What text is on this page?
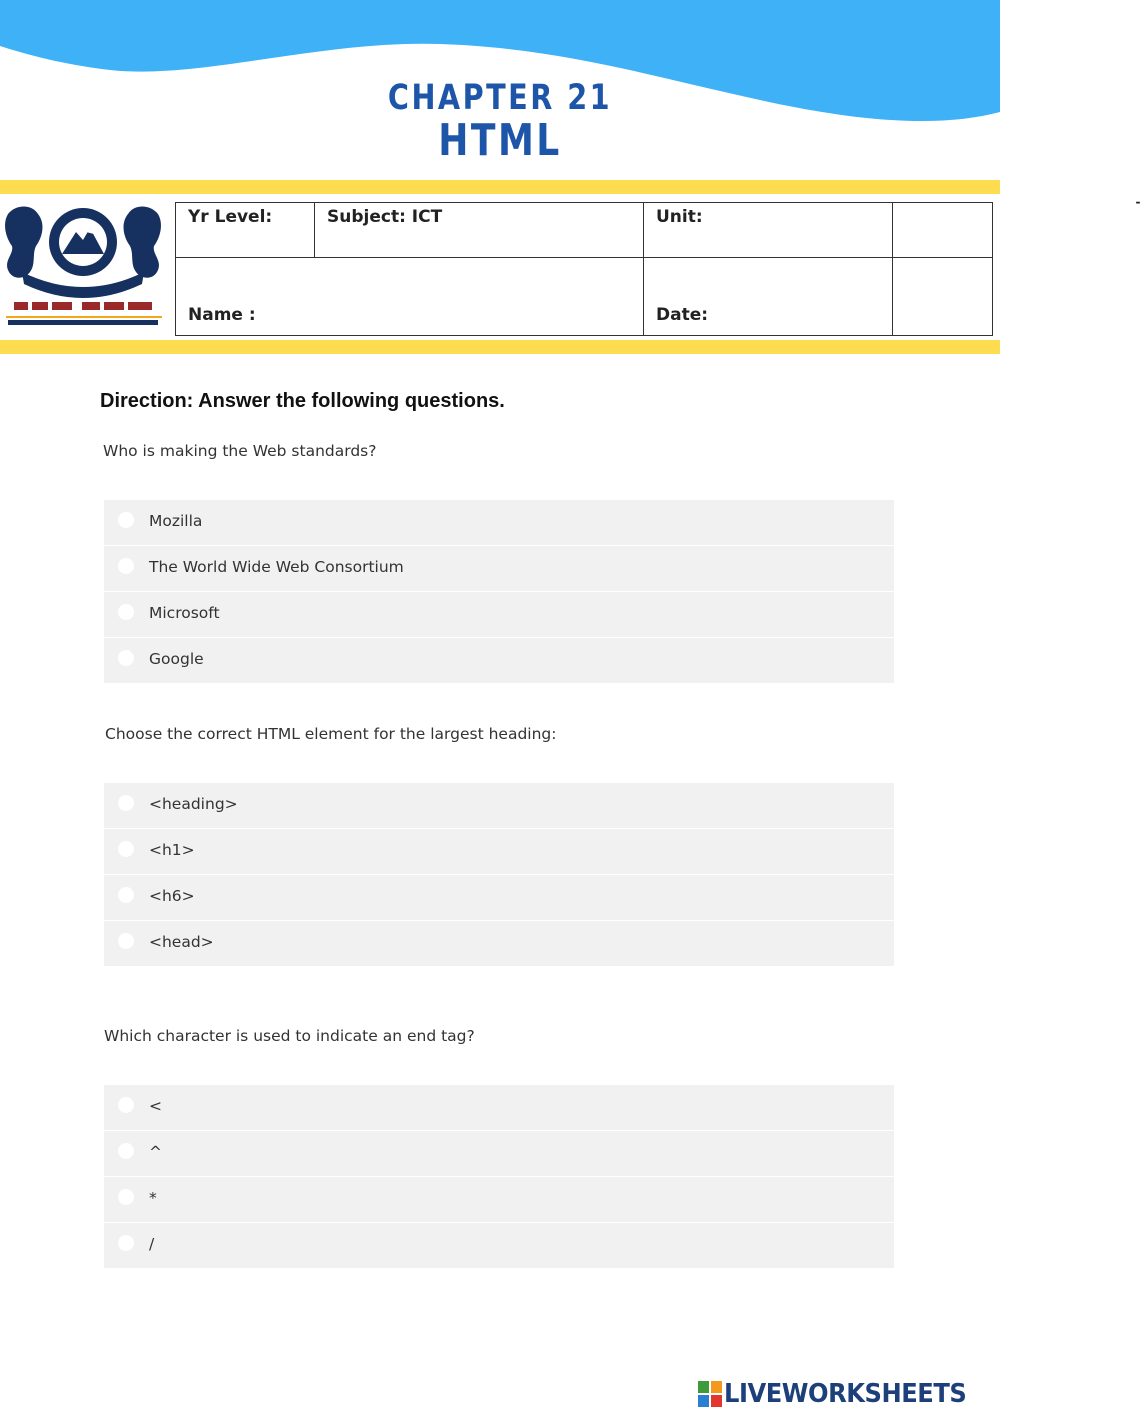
CHAPTER 21
HTML
Yr Level:	Subject: ICT	Unit:	-

Name :		Date:	
Direction: Answer the following questions.
Who is making the Web standards?
Mozilla
The World Wide Web Consortium
Microsoft
Google
Choose the correct HTML element for the largest heading:
<heading>
<h1>
<h6>
<head>
Which character is used to indicate an end tag?
<
^
*
/
LIVEWORKSHEETS
